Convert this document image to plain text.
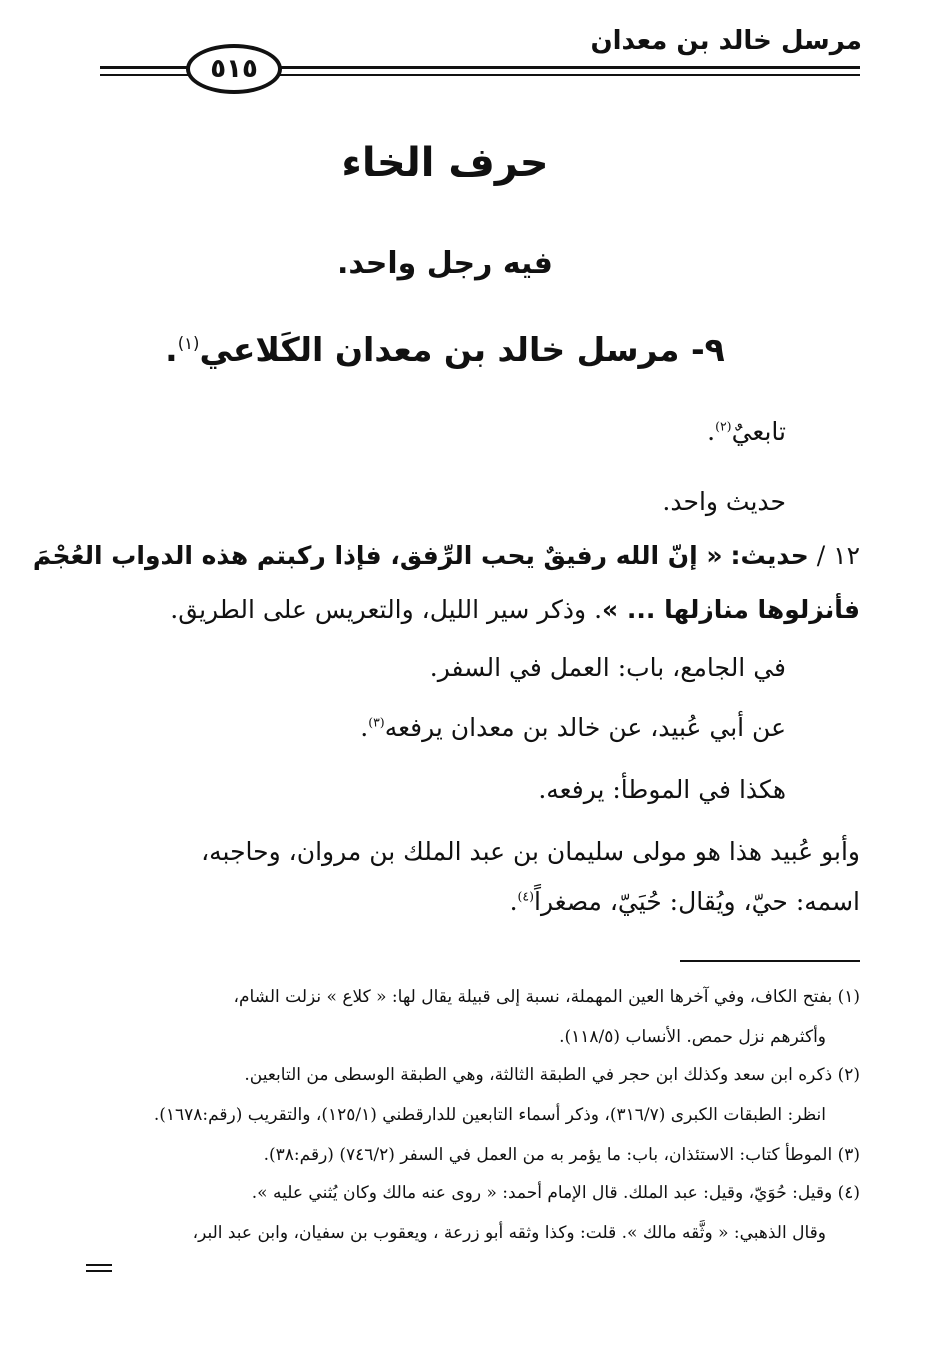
مرسل خالد بن معدان
٥١٥
حرف الخاء
فيه رجل واحد.
٩- مرسل خالد بن معدان الكَلاعي$^{(١)}$.
تابعيٌ$^{(٢)}$.
حديث واحد.
١٢ / حديث: « إنّ الله رفيقٌ يحب الرِّفق، فإذا ركبتم هذه الدواب العُجْمَ
فأنزلوها منازلها ... ». وذكر سير الليل، والتعريس على الطريق.
في الجامع، باب: العمل في السفر.
عن أبي عُبيد، عن خالد بن معدان يرفعه$^{(٣)}$.
هكذا في الموطأ: يرفعه.
وأبو عُبيد هذا هو مولى سليمان بن عبد الملك بن مروان، وحاجبه،
اسمه: حيّ، ويُقال: حُيَيّ، مصغراً$^{(٤)}$.
(١) بفتح الكاف، وفي آخرها العين المهملة، نسبة إلى قبيلة يقال لها: « كلاع » نزلت الشام،
وأكثرهم نزل حمص. الأنساب (١١٨/٥).
(٢) ذكره ابن سعد وكذلك ابن حجر في الطبقة الثالثة، وهي الطبقة الوسطى من التابعين.
انظر: الطبقات الكبرى (٣١٦/٧)، وذكر أسماء التابعين للدارقطني (١٢٥/١)، والتقريب (رقم:١٦٧٨).
(٣) الموطأ كتاب: الاستئذان، باب: ما يؤمر به من العمل في السفر (٧٤٦/٢) (رقم:٣٨).
(٤) وقيل: حُوَيّ، وقيل: عبد الملك. قال الإمام أحمد: « روى عنه مالك وكان يُثني عليه ».
وقال الذهبي: « وثَّقه مالك ». قلت: وكذا وثقه أبو زرعة ، ويعقوب بن سفيان، وابن عبد البر،
